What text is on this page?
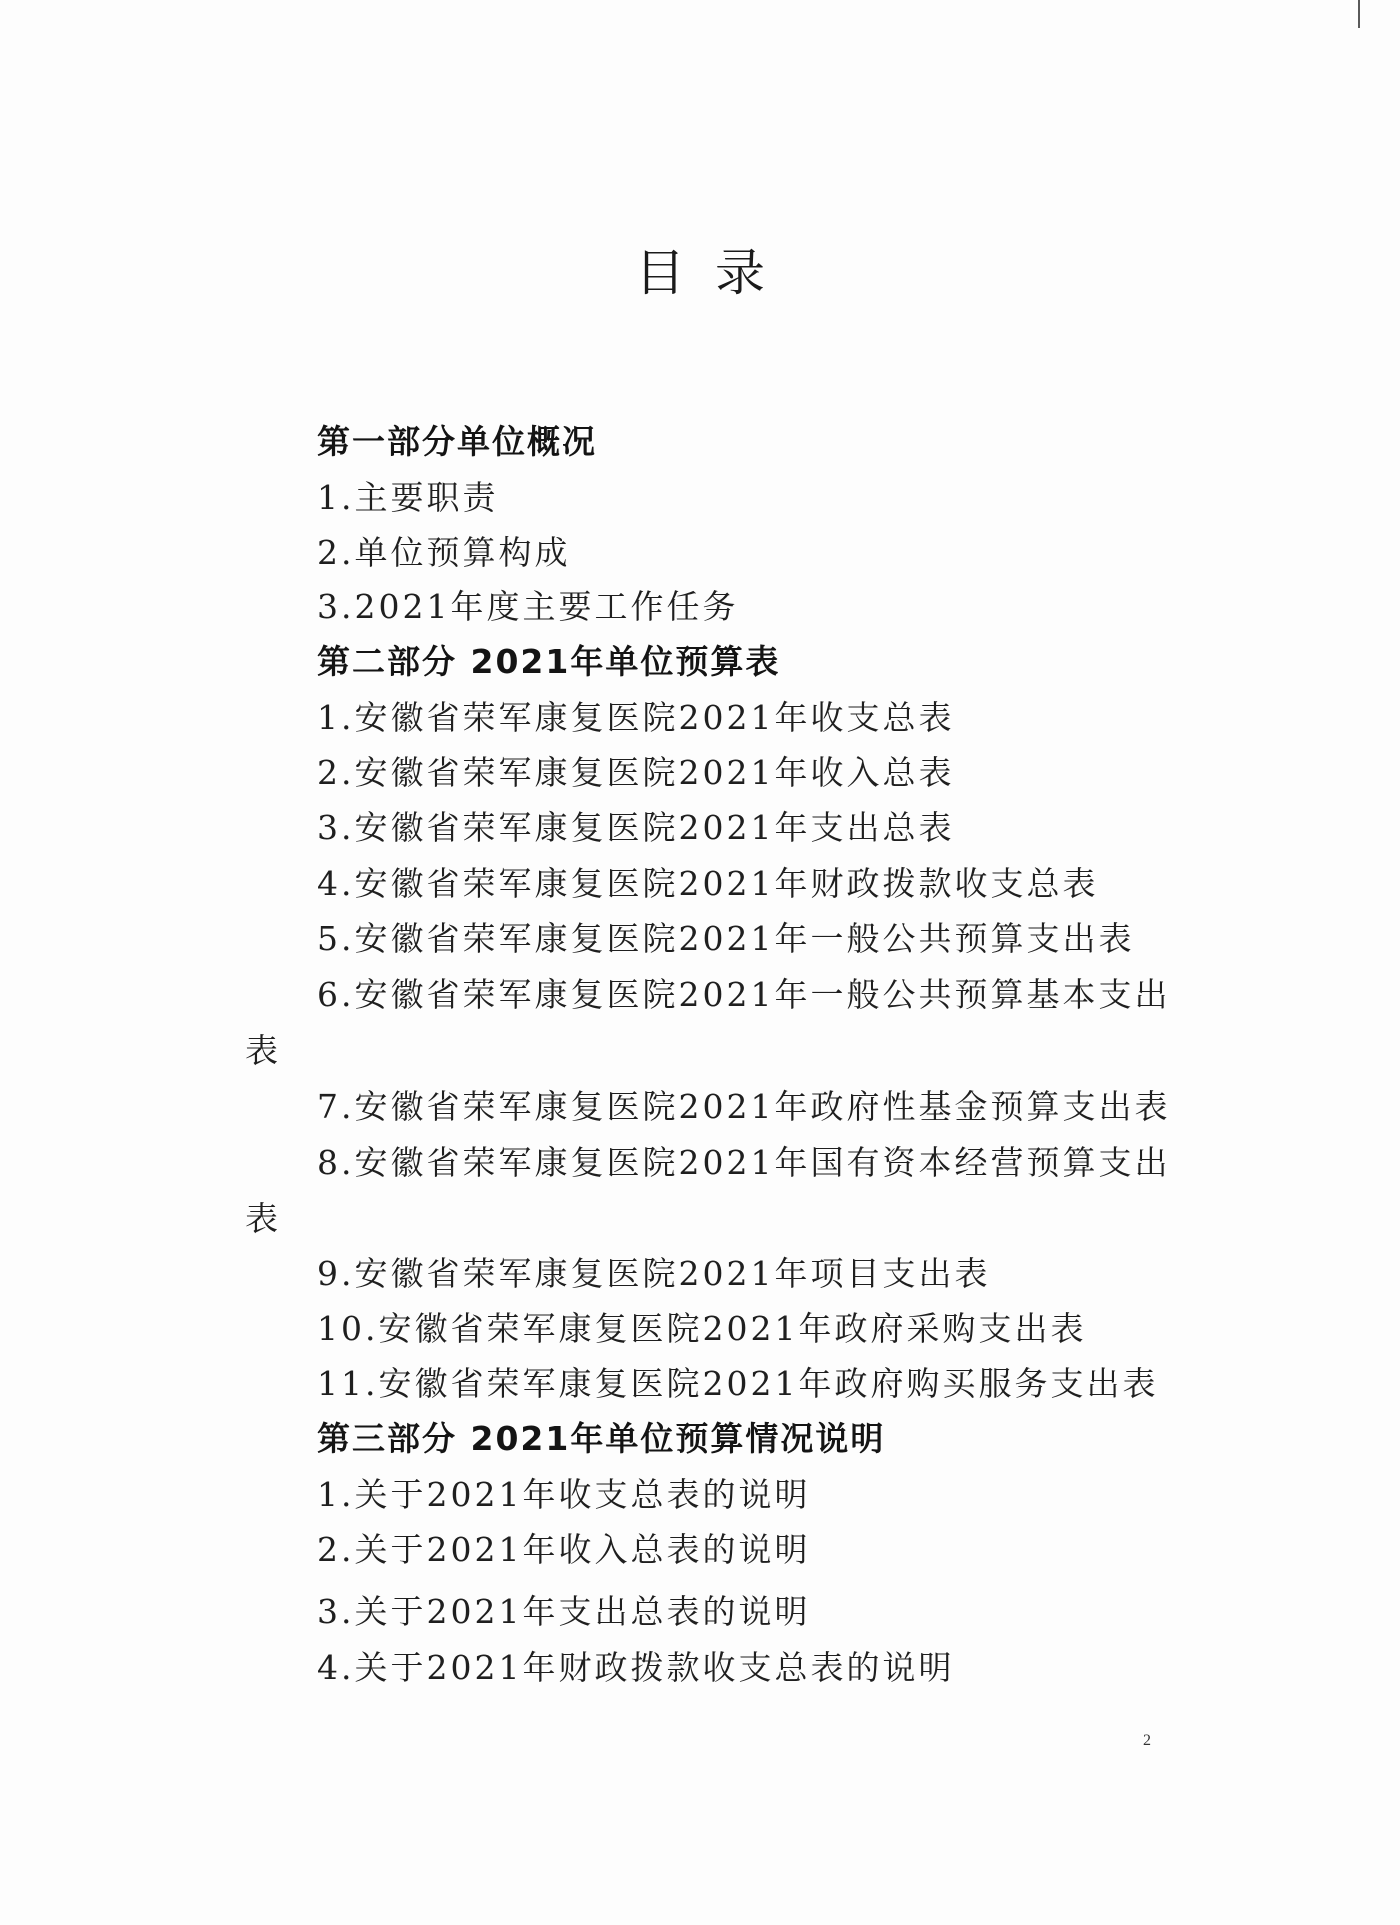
目录
第一部分单位概况
1.主要职责
2.单位预算构成
3.2021年度主要工作任务
第二部分 2021年单位预算表
1.安徽省荣军康复医院2021年收支总表
2.安徽省荣军康复医院2021年收入总表
3.安徽省荣军康复医院2021年支出总表
4.安徽省荣军康复医院2021年财政拨款收支总表
5.安徽省荣军康复医院2021年一般公共预算支出表
6.安徽省荣军康复医院2021年一般公共预算基本支出
表
7.安徽省荣军康复医院2021年政府性基金预算支出表
8.安徽省荣军康复医院2021年国有资本经营预算支出
表
9.安徽省荣军康复医院2021年项目支出表
10.安徽省荣军康复医院2021年政府采购支出表
11.安徽省荣军康复医院2021年政府购买服务支出表
第三部分 2021年单位预算情况说明
1.关于2021年收支总表的说明
2.关于2021年收入总表的说明
3.关于2021年支出总表的说明
4.关于2021年财政拨款收支总表的说明
2
